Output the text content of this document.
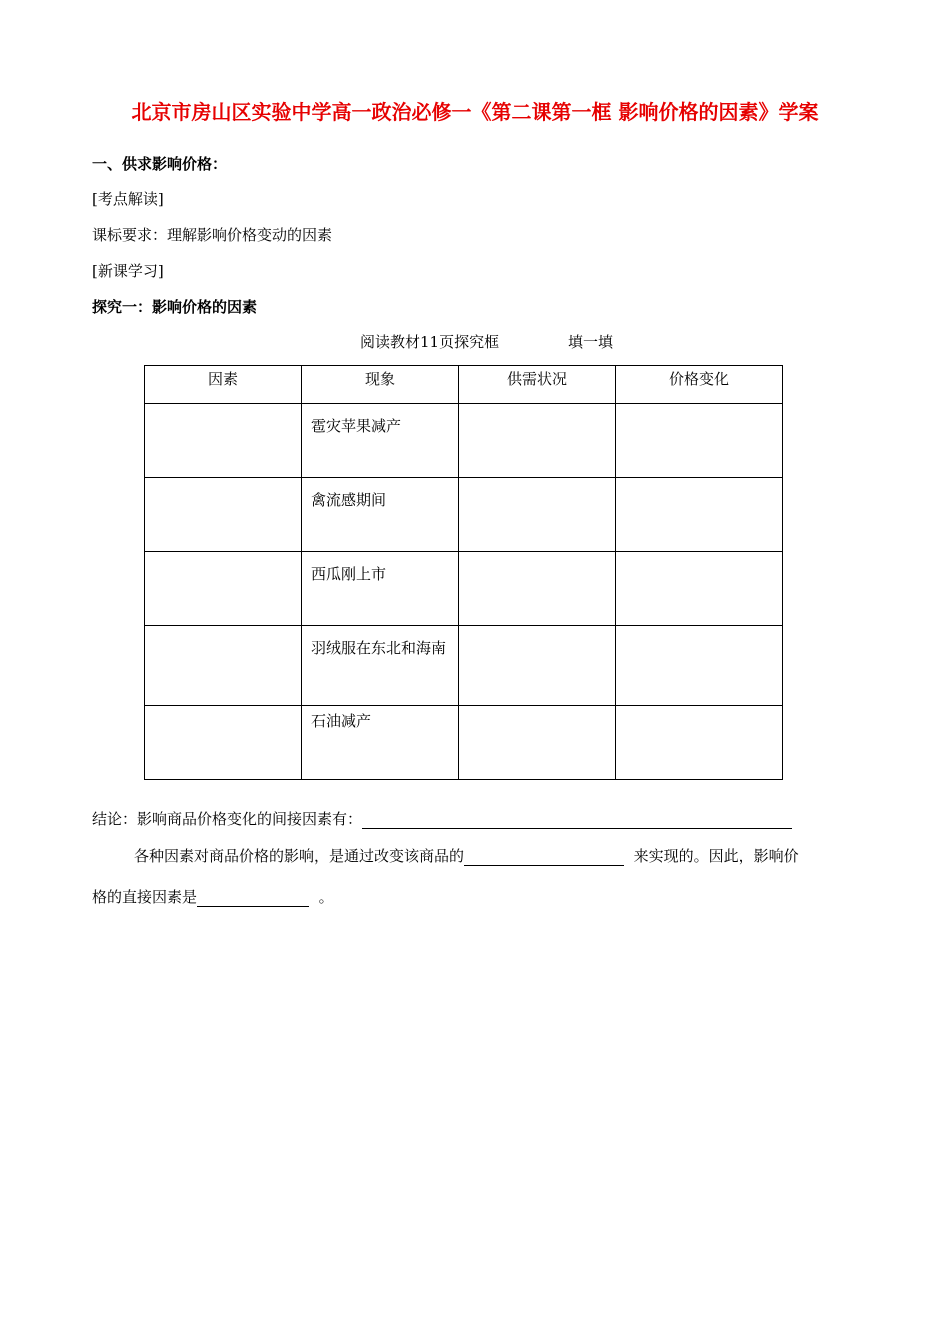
北京市房山区实验中学高一政治必修一《第二课第一框 影响价格的因素》学案
一、供求影响价格：
[考点解读]
课标要求：理解影响价格变动的因素
[新课学习]
探究一：影响价格的因素
阅读教材11页探究框	填一填
因素	现象	供需状况	价格变化
	雹灾苹果减产		
	禽流感期间		
	西瓜刚上市		
	羽绒服在东北和海南		
	石油减产		
结论：影响商品价格变化的间接因素有：
各种因素对商品价格的影响，是通过改变该商品的	来实现的。因此，影响价
格的直接因素是	。
